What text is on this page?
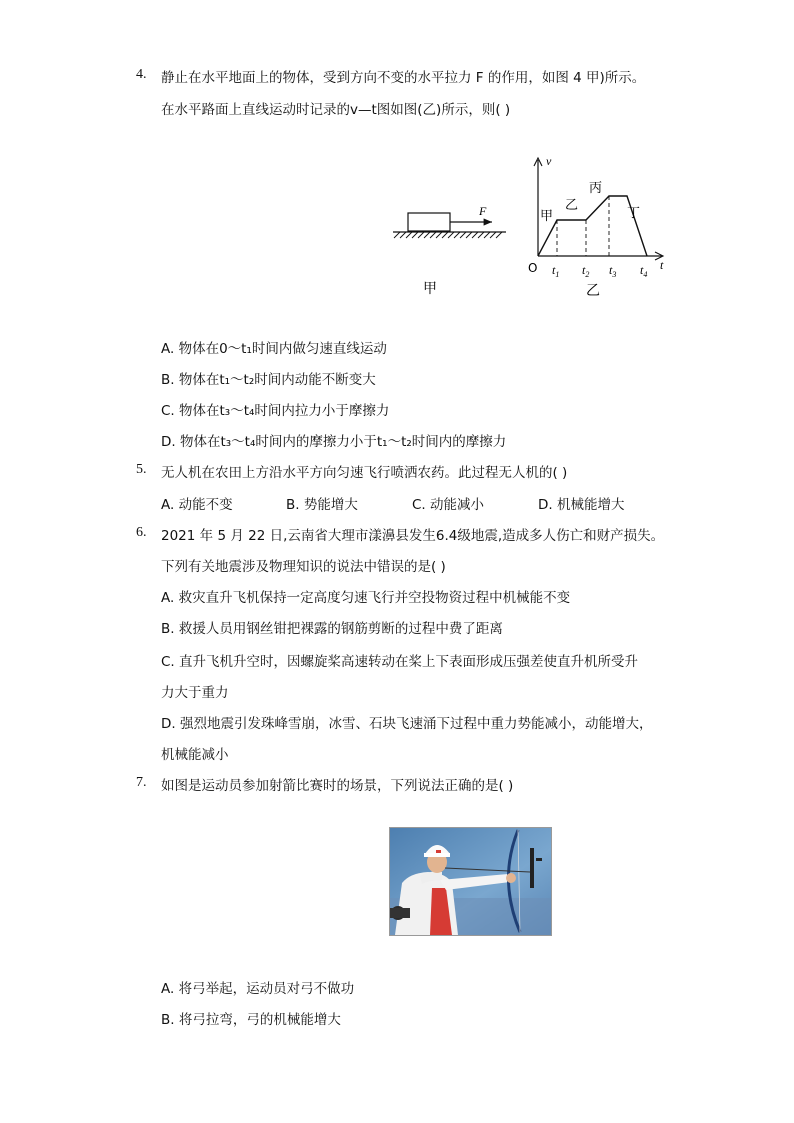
4. 静止在水平地面上的物体，受到方向不变的水平拉力 F 的作用，如图 4 甲)所示。
在水平路面上直线运动时记录的v—t图如图(乙)所示，则( )
F
甲
v
t
O $t_1$ $t_2$ $t_3$ $t_4$
甲
乙
丙
丁
乙
A. 物体在0～t₁时间内做匀速直线运动
B. 物体在t₁～t₂时间内动能不断变大
C. 物体在t₃～t₄时间内拉力小于摩擦力
D. 物体在t₃～t₄时间内的摩擦力小于t₁～t₂时间内的摩擦力
5. 无人机在农田上方沿水平方向匀速飞行喷洒农药。此过程无人机的( )
A. 动能不变	B. 势能增大	C. 动能减小	D. 机械能增大
6. 2021 年 5 月 22 日,云南省大理市漾濞县发生6.4级地震,造成多人伤亡和财产损失。
下列有关地震涉及物理知识的说法中错误的是( )
A. 救灾直升飞机保持一定高度匀速飞行并空投物资过程中机械能不变
B. 救援人员用钢丝钳把裸露的钢筋剪断的过程中费了距离
C. 直升飞机升空时，因螺旋桨高速转动在桨上下表面形成压强差使直升机所受升
力大于重力
D. 强烈地震引发珠峰雪崩，冰雪、石块飞速涌下过程中重力势能减小，动能增大，
机械能减小
7. 如图是运动员参加射箭比赛时的场景，下列说法正确的是( )
A. 将弓举起，运动员对弓不做功
B. 将弓拉弯，弓的机械能增大
